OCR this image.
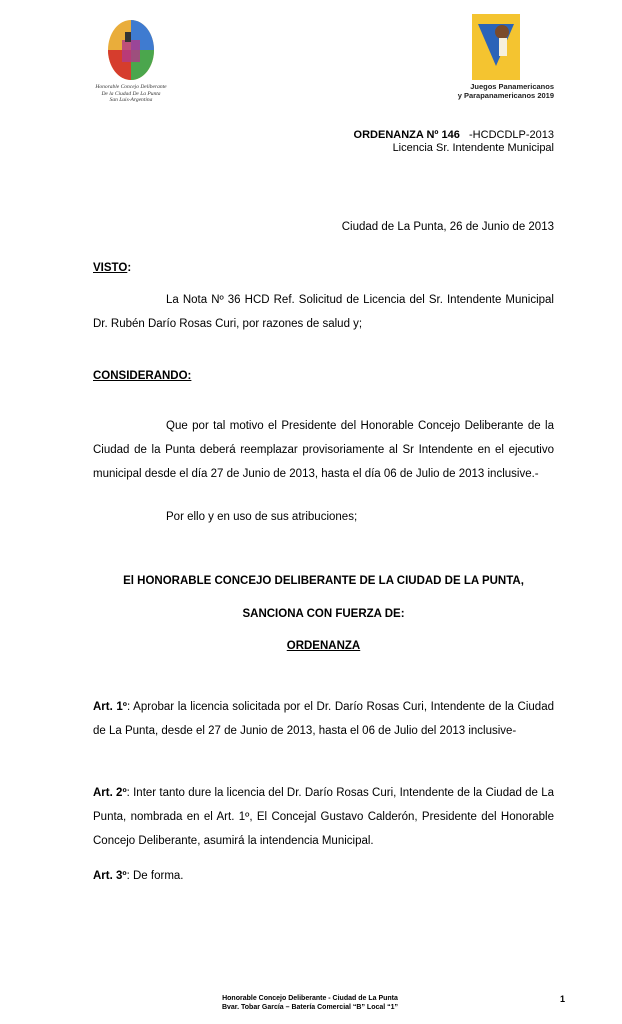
Honorable Concejo Deliberante
De la Ciudad De La Punta
San Luis-Argentina
Juegos Panamericanos
y Parapanamericanos 2019
ORDENANZA Nº 146 -HCDCDLP-2013
Licencia Sr. Intendente Municipal
Ciudad de La Punta, 26 de Junio de 2013
VISTO:
La Nota Nº 36 HCD Ref. Solicitud de Licencia del Sr. Intendente Municipal Dr. Rubén Darío Rosas Curi, por razones de salud y;
CONSIDERANDO:
Que por tal motivo el Presidente del Honorable Concejo Deliberante de la Ciudad de la Punta deberá reemplazar provisoriamente al Sr Intendente en el ejecutivo municipal desde el día 27 de Junio de 2013, hasta el día 06 de Julio de 2013 inclusive.-
Por ello y en uso de sus atribuciones;
El HONORABLE CONCEJO DELIBERANTE DE LA CIUDAD DE LA PUNTA,
SANCIONA CON FUERZA DE:
ORDENANZA
Art. 1º: Aprobar la licencia solicitada por el Dr. Darío Rosas Curi, Intendente de la Ciudad de La Punta, desde el 27 de Junio de 2013, hasta el 06 de Julio del 2013 inclusive-
Art. 2º: Inter tanto dure la licencia del Dr. Darío Rosas Curi, Intendente de la Ciudad de La Punta, nombrada en el Art. 1º, El Concejal Gustavo Calderón, Presidente del Honorable Concejo Deliberante, asumirá la intendencia Municipal.
Art. 3º: De forma.
Honorable Concejo Deliberante - Ciudad de La Punta
Bvar. Tobar García – Batería Comercial “B” Local “1”
1
